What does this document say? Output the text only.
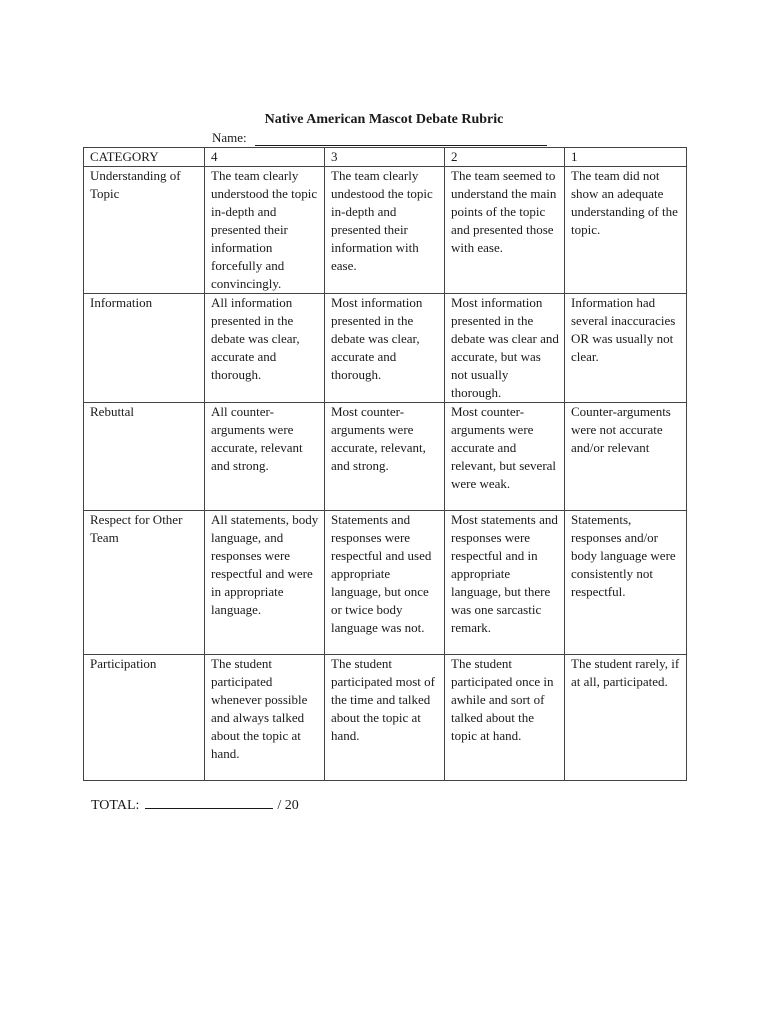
Native American Mascot Debate Rubric
Name:
CATEGORY	4	3	2	1
Understanding of Topic	The team clearly understood the topic in-depth and presented their information forcefully and convincingly.	The team clearly undestood the topic in-depth and presented their information with ease.	The team seemed to understand the main points of the topic and presented those with ease.	The team did not show an adequate understanding of the topic.
Information	All information presented in the debate was clear, accurate and thorough.	Most information presented in the debate was clear, accurate and thorough.	Most information presented in the debate was clear and accurate, but was not usually thorough.	Information had several inaccuracies OR was usually not clear.
Rebuttal	All counter-arguments were accurate, relevant and strong.	Most counter-arguments were accurate, relevant, and strong.	Most counter-arguments were accurate and relevant, but several were weak.	Counter-arguments were not accurate and/or relevant
Respect for Other Team	All statements, body language, and responses were respectful and were in appropriate language.	Statements and responses were respectful and used appropriate language, but once or twice body language was not.	Most statements and responses were respectful and in appropriate language, but there was one sarcastic remark.	Statements, responses and/or body language were consistently not respectful.
Participation	The student participated whenever possible and always talked about the topic at hand.	The student participated most of the time and talked about the topic at hand.	The student participated once in awhile and sort of talked about the topic at hand.	The student rarely, if at all, participated.
TOTAL:	/ 20
